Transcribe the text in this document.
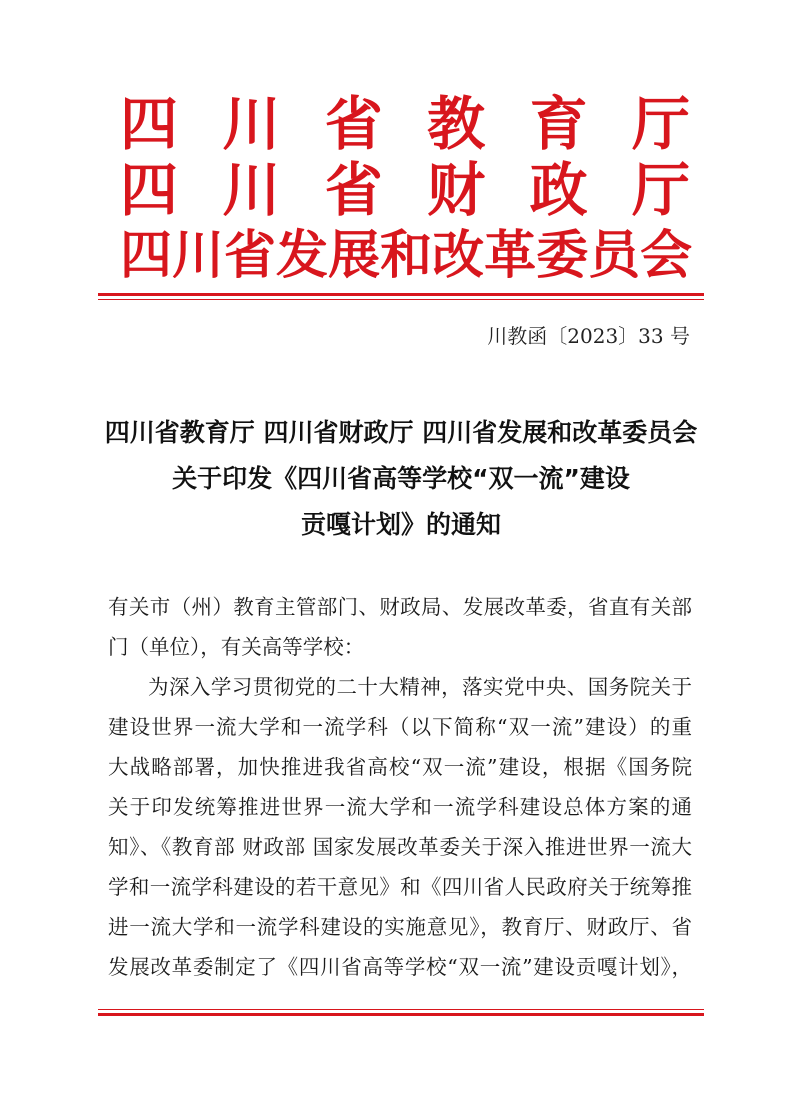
四 川 省 教 育 厅
四 川 省 财 政 厅
四 川 省 发 展 和 改 革 委 员 会
川教函〔2023〕33 号
四川省教育厅 四川省财政厅 四川省发展和改革委员会
关于印发《四川省高等学校“双一流”建设
贡嘎计划》的通知
有关市（州）教育主管部门、财政局、发展改革委，省直有关部
门（单位），有关高等学校：
为深入学习贯彻党的二十大精神，落实党中央、国务院关于
建设世界一流大学和一流学科（以下简称“双一流”建设）的重
大战略部署，加快推进我省高校“双一流”建设，根据《国务院
关于印发统筹推进世界一流大学和一流学科建设总体方案的通
知》、《教育部 财政部 国家发展改革委关于深入推进世界一流大
学和一流学科建设的若干意见》和《四川省人民政府关于统筹推
进一流大学和一流学科建设的实施意见》，教育厅、财政厅、省
发展改革委制定了《四川省高等学校“双一流”建设贡嘎计划》，
